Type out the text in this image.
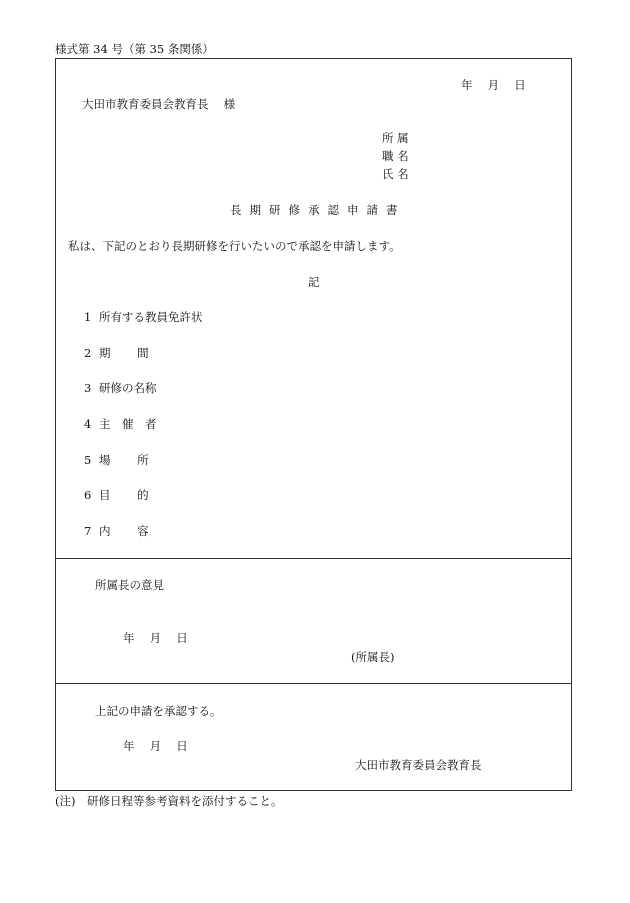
様式第 34 号（第 35 条関係）
年　 月　 日
大田市教育委員会教育長　 様
所 属
職 名
氏 名
長期研修承認申請書
私は、下記のとおり長期研修を行いたいので承認を申請します。
記
1 所有する教員免許状
2 期　　 間
3 研修の名称
4 主　催　者
5 場　　 所
6 目　　 的
7 内　　 容
所属長の意見
年　 月　 日
(所属長)
上記の申請を承認する。
年　 月　 日
大田市教育委員会教育長
(注)　研修日程等参考資料を添付すること。
